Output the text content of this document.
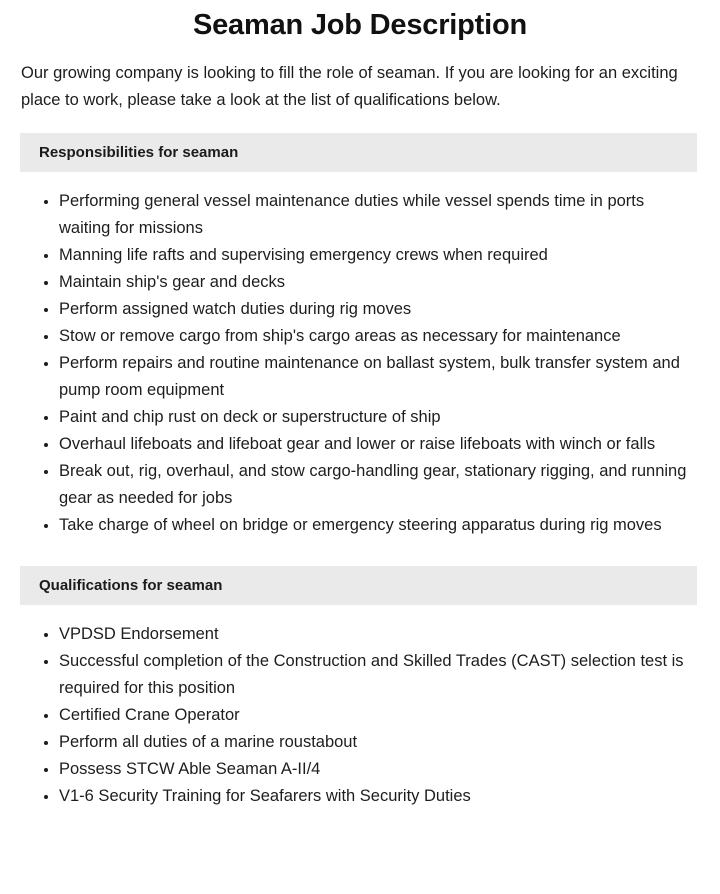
Seaman Job Description

Our growing company is looking to fill the role of seaman. If you are looking for an exciting place to work, please take a look at the list of qualifications below.

Responsibilities for seaman
Performing general vessel maintenance duties while vessel spends time in ports waiting for missions
Manning life rafts and supervising emergency crews when required
Maintain ship's gear and decks
Perform assigned watch duties during rig moves
Stow or remove cargo from ship's cargo areas as necessary for maintenance
Perform repairs and routine maintenance on ballast system, bulk transfer system and pump room equipment
Paint and chip rust on deck or superstructure of ship
Overhaul lifeboats and lifeboat gear and lower or raise lifeboats with winch or falls
Break out, rig, overhaul, and stow cargo-handling gear, stationary rigging, and running gear as needed for jobs
Take charge of wheel on bridge or emergency steering apparatus during rig moves
Qualifications for seaman
VPDSD Endorsement
Successful completion of the Construction and Skilled Trades (CAST) selection test is required for this position
Certified Crane Operator
Perform all duties of a marine roustabout
Possess STCW Able Seaman A-II/4
V1-6 Security Training for Seafarers with Security Duties
